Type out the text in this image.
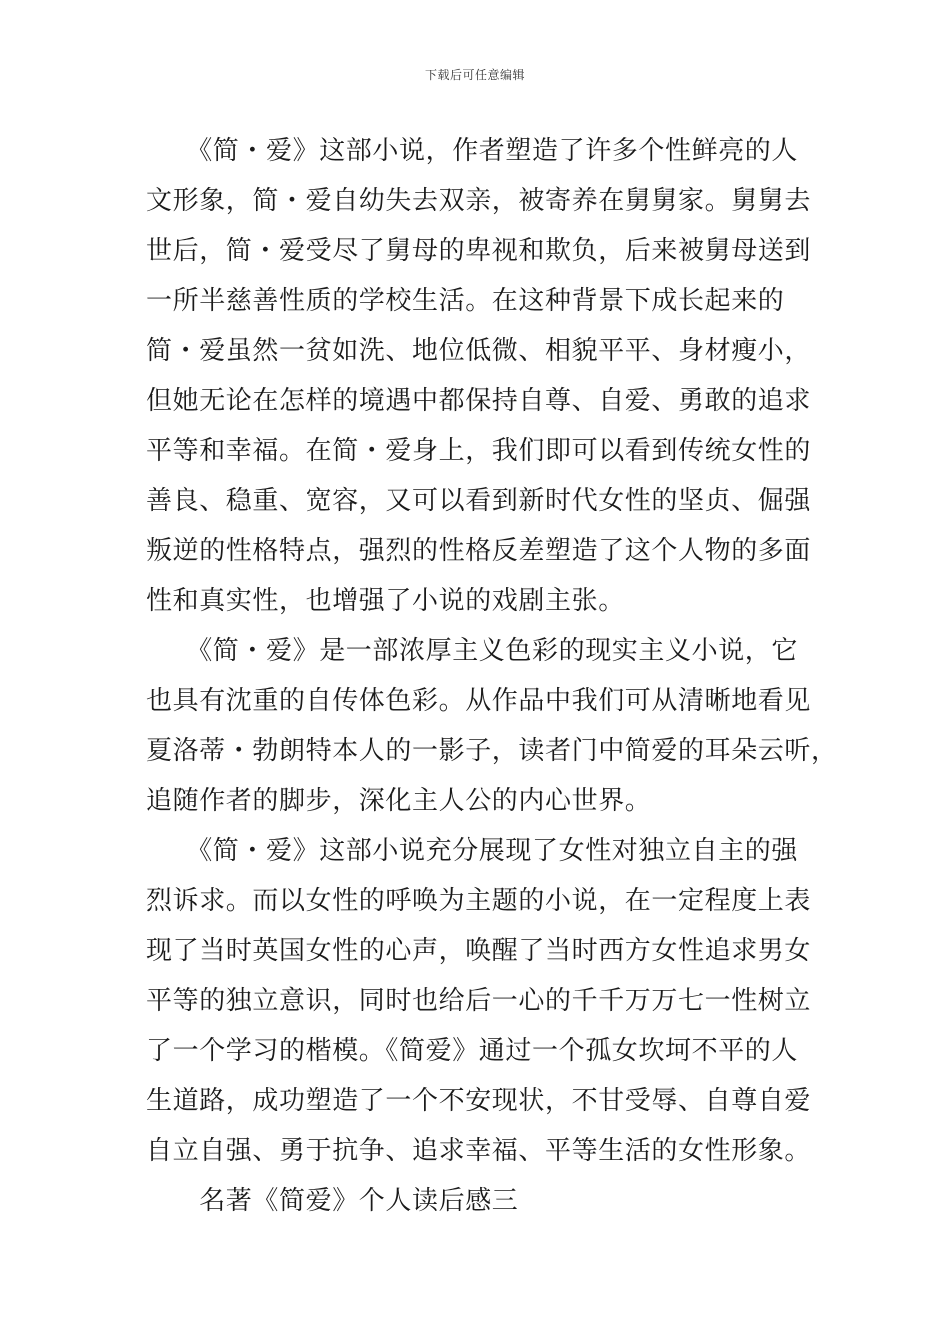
下载后可任意编辑
　　《简・爱》这部小说，作者塑造了许多个性鲜亮的人
文形象，简・爱自幼失去双亲，被寄养在舅舅家。舅舅去
世后，简・爱受尽了舅母的卑视和欺负，后来被舅母送到
一所半慈善性质的学校生活。在这种背景下成长起来的
简・爱虽然一贫如洗、地位低微、相貌平平、身材瘦小，
但她无论在怎样的境遇中都保持自尊、自爱、勇敢的追求
平等和幸福。在简・爱身上，我们即可以看到传统女性的
善良、稳重、宽容，又可以看到新时代女性的坚贞、倔强
叛逆的性格特点，强烈的性格反差塑造了这个人物的多面
性和真实性，也增强了小说的戏剧主张。
　　《简・爱》是一部浓厚主义色彩的现实主义小说，它
也具有沈重的自传体色彩。从作品中我们可从清晰地看见
夏洛蒂・勃朗特本人的一影子，读者门中简爱的耳朵云听，
追随作者的脚步，深化主人公的内心世界。
　　《简・爱》这部小说充分展现了女性对独立自主的强
烈诉求。而以女性的呼唤为主题的小说，在一定程度上表
现了当时英国女性的心声，唤醒了当时西方女性追求男女
平等的独立意识，同时也给后一心的千千万万七一性树立
了一个学习的楷模。《简爱》通过一个孤女坎坷不平的人
生道路，成功塑造了一个不安现状，不甘受辱、自尊自爱
自立自强、勇于抗争、追求幸福、平等生活的女性形象。
　　名著《简爱》个人读后感三
